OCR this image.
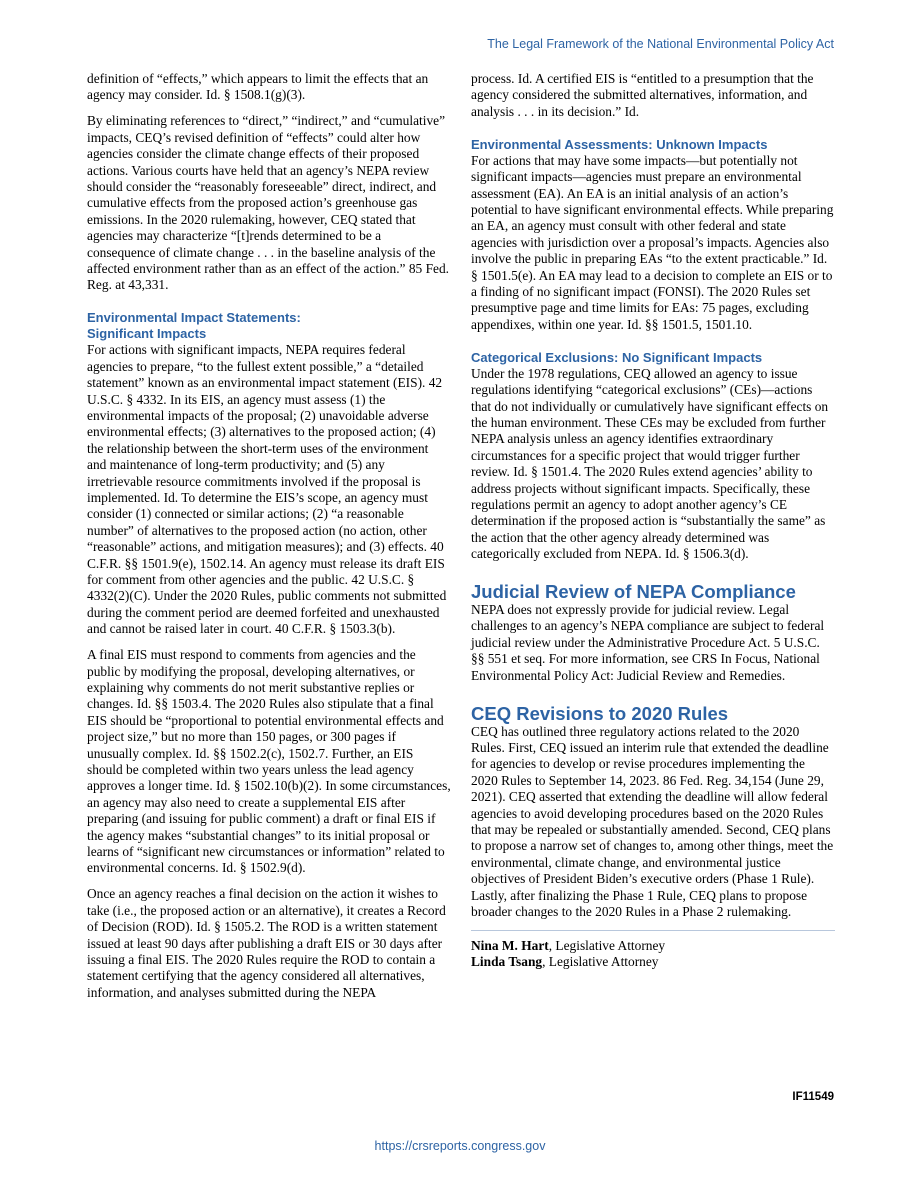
The Legal Framework of the National Environmental Policy Act

definition of “effects,” which appears to limit the effects that an agency may consider. Id. § 1508.1(g)(3).

By eliminating references to “direct,” “indirect,” and “cumulative” impacts, CEQ’s revised definition of “effects” could alter how agencies consider the climate change effects of their proposed actions. Various courts have held that an agency’s NEPA review should consider the “reasonably foreseeable” direct, indirect, and cumulative effects from the proposed action’s greenhouse gas emissions. In the 2020 rulemaking, however, CEQ stated that agencies may characterize “[t]rends determined to be a consequence of climate change . . . in the baseline analysis of the affected environment rather than as an effect of the action.” 85 Fed. Reg. at 43,331.

Environmental Impact Statements:
Significant Impacts

For actions with significant impacts, NEPA requires federal agencies to prepare, “to the fullest extent possible,” a “detailed statement” known as an environmental impact statement (EIS). 42 U.S.C. § 4332. In its EIS, an agency must assess (1) the environmental impacts of the proposal; (2) unavoidable adverse environmental effects; (3) alternatives to the proposed action; (4) the relationship between the short-term uses of the environment and maintenance of long-term productivity; and (5) any irretrievable resource commitments involved if the proposal is implemented. Id. To determine the EIS’s scope, an agency must consider (1) connected or similar actions; (2) “a reasonable number” of alternatives to the proposed action (no action, other “reasonable” actions, and mitigation measures); and (3) effects. 40 C.F.R. §§ 1501.9(e), 1502.14. An agency must release its draft EIS for comment from other agencies and the public. 42 U.S.C. § 4332(2)(C). Under the 2020 Rules, public comments not submitted during the comment period are deemed forfeited and unexhausted and cannot be raised later in court. 40 C.F.R. § 1503.3(b).

A final EIS must respond to comments from agencies and the public by modifying the proposal, developing alternatives, or explaining why comments do not merit substantive replies or changes. Id. §§ 1503.4. The 2020 Rules also stipulate that a final EIS should be “proportional to potential environmental effects and project size,” but no more than 150 pages, or 300 pages if unusually complex. Id. §§ 1502.2(c), 1502.7. Further, an EIS should be completed within two years unless the lead agency approves a longer time. Id. § 1502.10(b)(2). In some circumstances, an agency may also need to create a supplemental EIS after preparing (and issuing for public comment) a draft or final EIS if the agency makes “substantial changes” to its initial proposal or learns of “significant new circumstances or information” related to environmental concerns. Id. § 1502.9(d).

Once an agency reaches a final decision on the action it wishes to take (i.e., the proposed action or an alternative), it creates a Record of Decision (ROD). Id. § 1505.2. The ROD is a written statement issued at least 90 days after publishing a draft EIS or 30 days after issuing a final EIS. The 2020 Rules require the ROD to contain a statement certifying that the agency considered all alternatives, information, and analyses submitted during the NEPA

process. Id. A certified EIS is “entitled to a presumption that the agency considered the submitted alternatives, information, and analysis . . . in its decision.” Id.

Environmental Assessments: Unknown Impacts

For actions that may have some impacts—but potentially not significant impacts—agencies must prepare an environmental assessment (EA). An EA is an initial analysis of an action’s potential to have significant environmental effects. While preparing an EA, an agency must consult with other federal and state agencies with jurisdiction over a proposal’s impacts. Agencies also involve the public in preparing EAs “to the extent practicable.” Id. § 1501.5(e). An EA may lead to a decision to complete an EIS or to a finding of no significant impact (FONSI). The 2020 Rules set presumptive page and time limits for EAs: 75 pages, excluding appendixes, within one year. Id. §§ 1501.5, 1501.10.

Categorical Exclusions: No Significant Impacts

Under the 1978 regulations, CEQ allowed an agency to issue regulations identifying “categorical exclusions” (CEs)—actions that do not individually or cumulatively have significant effects on the human environment. These CEs may be excluded from further NEPA analysis unless an agency identifies extraordinary circumstances for a specific project that would trigger further review. Id. § 1501.4. The 2020 Rules extend agencies’ ability to address projects without significant impacts. Specifically, these regulations permit an agency to adopt another agency’s CE determination if the proposed action is “substantially the same” as the action that the other agency already determined was categorically excluded from NEPA. Id. § 1506.3(d).

Judicial Review of NEPA Compliance

NEPA does not expressly provide for judicial review. Legal challenges to an agency’s NEPA compliance are subject to federal judicial review under the Administrative Procedure Act. 5 U.S.C. §§ 551 et seq. For more information, see CRS In Focus, National Environmental Policy Act: Judicial Review and Remedies.

CEQ Revisions to 2020 Rules

CEQ has outlined three regulatory actions related to the 2020 Rules. First, CEQ issued an interim rule that extended the deadline for agencies to develop or revise procedures implementing the 2020 Rules to September 14, 2023. 86 Fed. Reg. 34,154 (June 29, 2021). CEQ asserted that extending the deadline will allow federal agencies to avoid developing procedures based on the 2020 Rules that may be repealed or substantially amended. Second, CEQ plans to propose a narrow set of changes to, among other things, meet the environmental, climate change, and environmental justice objectives of President Biden’s executive orders (Phase 1 Rule). Lastly, after finalizing the Phase 1 Rule, CEQ plans to propose broader changes to the 2020 Rules in a Phase 2 rulemaking.

Nina M. Hart, Legislative Attorney

Linda Tsang, Legislative Attorney

IF11549
https://crsreports.congress.gov
